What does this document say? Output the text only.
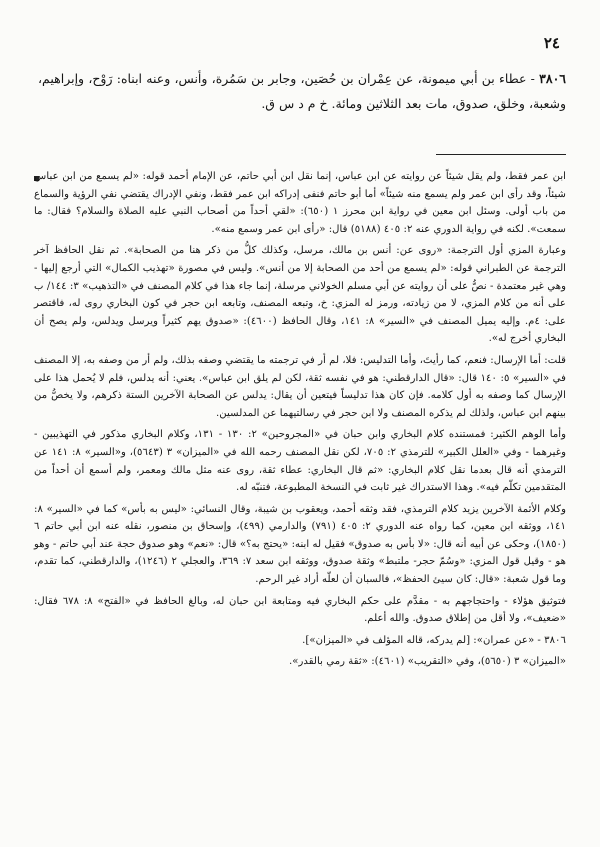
٢٤
٣٨٠٦ - عطاء بن أبي ميمونة، عن عِمْران بن حُصَين، وجابر بن سَمُرة، وأنس، وعنه ابناه: رَوْح، وإبراهيم، وشعبة، وخلق، صدوق، مات بعد الثلاثين ومائة. خ م د س ق.

ابن عمر فقط، ولم يقل شيئاً عن روايته عن ابن عباس، إنما نقل ابن أبي حاتم، عن الإمام أحمد قوله: «لم يسمع من ابن عباس شيئاً، وقد رأى ابن عمر ولم يسمع منه شيئاً» أما أبو حاتم فنفى إدراكه ابن عمر فقط، ونفي الإدراك يقتضي نفي الرؤية والسماع من باب أولى. وسئل ابن معين في رواية ابن محرز ١ (٦٥٠): «لقي أحداً من أصحاب النبي عليه الصلاة والسلام؟ فقال: ما سمعت». لكنه في رواية الدوري عنه ٢: ٤٠٥ (٥١٨٨) قال: «رأى ابن عمر وسمع منه».

وعبارة المزي أول الترجمة: «روى عن: أنس بن مالك، مرسل، وكذلك كلُّ من ذكر هنا من الصحابة». ثم نقل الحافظ آخر الترجمة عن الطبراني قوله: «لم يسمع من أحد من الصحابة إلا من أنس». وليس في مصورة «تهذيب الكمال» التي أرجع إليها - وهي غير معتمدة - نصُّ على أن روايته عن أبي مسلم الخولاني مرسلة، إنما جاء هذا في كلام المصنف في «التذهيب» ٣: ١٤٤/ ب على أنه من كلام المزي، لا من زيادته، ورمز له المزي: خ، وتبعه المصنف، وتابعه ابن حجر في كون البخاري روى له، فاقتصر على: ٤م. وإليه يميل المصنف في «السير» ٨: ١٤١، وقال الحافظ (٤٦٠٠): «صدوق يهم كثيراً ويرسل ويدلس، ولم يصح أن البخاري أخرج له».

قلت: أما الإرسال: فنعم، كما رأيتَ، وأما التدليس: فلا، لم أر في ترجمته ما يقتضي وصفه بذلك، ولم أر من وصفه به، إلا المصنف في «السير» ٥: ١٤٠ قال: «قال الدارقطني: هو في نفسه ثقة، لكن لم يلق ابن عباس». يعني: أنه يدلس، فلم لا يُحمل هذا على الإرسال كما وصفه به أول كلامه. فإن كان هذا تدليساً فيتعين أن يقال: يدلس عن الصحابة الآخرين الستة ذكرهم، ولا يخصُّ من بينهم ابن عباس، ولذلك لم يذكره المصنف ولا ابن حجر في رسالتيهما عن المدلسين.

وأما الوهم الكثير: فمستنده كلام البخاري وابن حبان في «المجروحين» ٢: ١٣٠ - ١٣١، وكلام البخاري مذكور في التهذيبين - وغيرهما - وفي «العلل الكبير» للترمذي ٢: ٧٠٥، لكن نقل المصنف رحمه الله في «الميزان» ٣ (٥٦٤٣)، و«السير» ٨: ١٤١ عن الترمذي أنه قال بعدما نقل كلام البخاري: «ثم قال البخاري: عطاء ثقة، روى عنه مثل مالك ومعمر، ولم أسمع أن أحداً من المتقدمين تكلّم فيه». وهذا الاستدراك غير ثابت في النسخة المطبوعة، فتنبّه له.

وكلام الأئمة الآخرين يزيد كلام الترمذي، فقد وثقه أحمد، ويعقوب بن شيبة، وقال النسائي: «ليس به بأس» كما في «السير» ٨: ١٤١، ووثقه ابن معين، كما رواه عنه الدوري ٢: ٤٠٥ (٧٩١) والدارمي (٤٩٩)، وإسحاق بن منصور، نقله عنه ابن أبي حاتم ٦ (١٨٥٠)، وحكى عن أبيه أنه قال: «لا بأس به صدوق» فقيل له ابنه: «يحتج به؟» قال: «نعم» وهو صدوق حجة عند أبي حاتم - وهو هو - وقيل قول المزي: «وسُمّ حجر- ملتبط» وثقة صدوق، ووثقه ابن سعد ٧: ٣٦٩، والعجلي ٢ (١٢٤٦)، والدارقطني، كما تقدم، وما قول شعبة: «قال: كان سيئ الحفظ»، فالسبان أن لعلّه أراد غير الرحم.

فتوثيق هؤلاء - واحتجاجهم به - مقدَّم على حكم البخاري فيه ومتابعة ابن حبان له، وبالغ الحافظ في «الفتح» ٨: ٦٧٨ فقال: «ضعيف»، ولا أقل من إطلاق صدوق. والله أعلم.

٣٨٠٦ - «عن عمران»: [لم يدركه، قاله المؤلف في «الميزان»].

«الميزان» ٣ (٥٦٥٠)، وفي «التقريب» (٤٦٠١): «ثقة رمي بالقدر».
